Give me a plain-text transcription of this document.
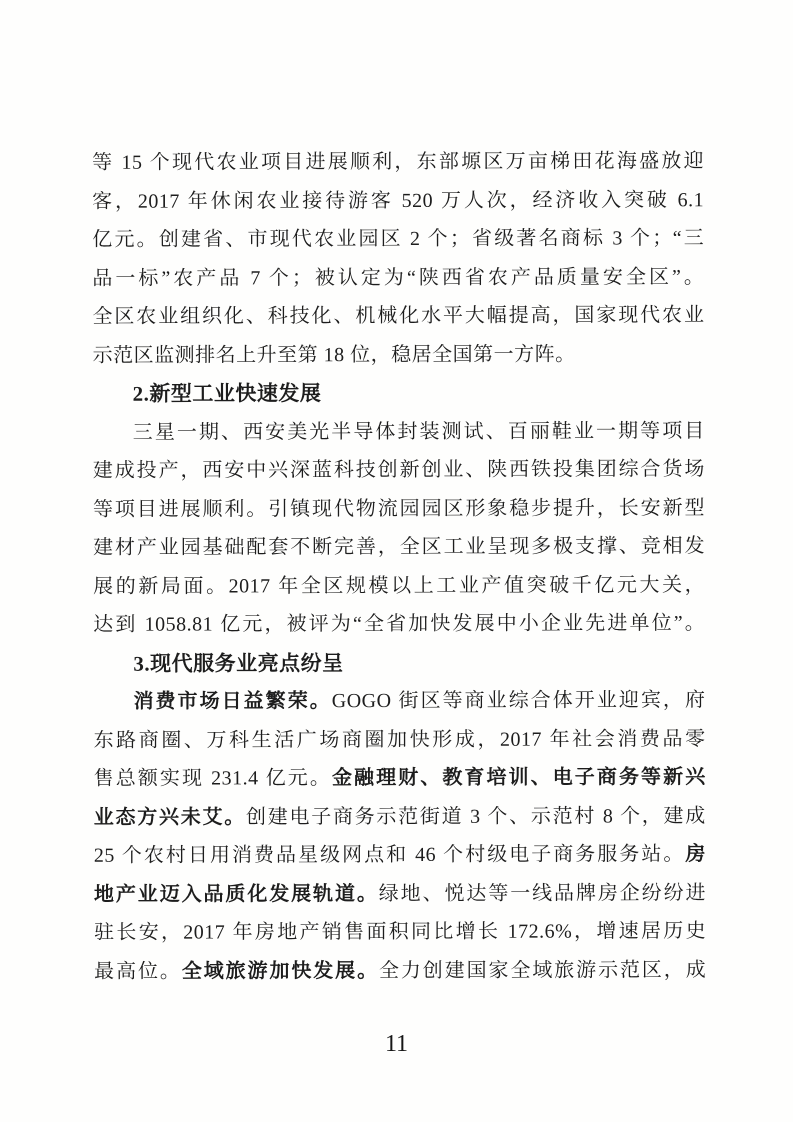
等 15 个现代农业项目进展顺利，东部塬区万亩梯田花海盛放迎
客，2017 年休闲农业接待游客 520 万人次，经济收入突破 6.1
亿元。创建省、市现代农业园区 2 个；省级著名商标 3 个；“三
品一标”农产品 7 个；被认定为“陕西省农产品质量安全区”。
全区农业组织化、科技化、机械化水平大幅提高，国家现代农业
示范区监测排名上升至第 18 位，稳居全国第一方阵。
2.新型工业快速发展
三星一期、西安美光半导体封装测试、百丽鞋业一期等项目
建成投产，西安中兴深蓝科技创新创业、陕西铁投集团综合货场
等项目进展顺利。引镇现代物流园园区形象稳步提升，长安新型
建材产业园基础配套不断完善，全区工业呈现多极支撑、竞相发
展的新局面。2017 年全区规模以上工业产值突破千亿元大关，
达到 1058.81 亿元，被评为“全省加快发展中小企业先进单位”。
3.现代服务业亮点纷呈
消费市场日益繁荣。GOGO 街区等商业综合体开业迎宾，府
东路商圈、万科生活广场商圈加快形成，2017 年社会消费品零
售总额实现 231.4 亿元。金融理财、教育培训、电子商务等新兴
业态方兴未艾。创建电子商务示范街道 3 个、示范村 8 个，建成
25 个农村日用消费品星级网点和 46 个村级电子商务服务站。房
地产业迈入品质化发展轨道。绿地、悦达等一线品牌房企纷纷进
驻长安，2017 年房地产销售面积同比增长 172.6%，增速居历史
最高位。全域旅游加快发展。全力创建国家全域旅游示范区，成
11
